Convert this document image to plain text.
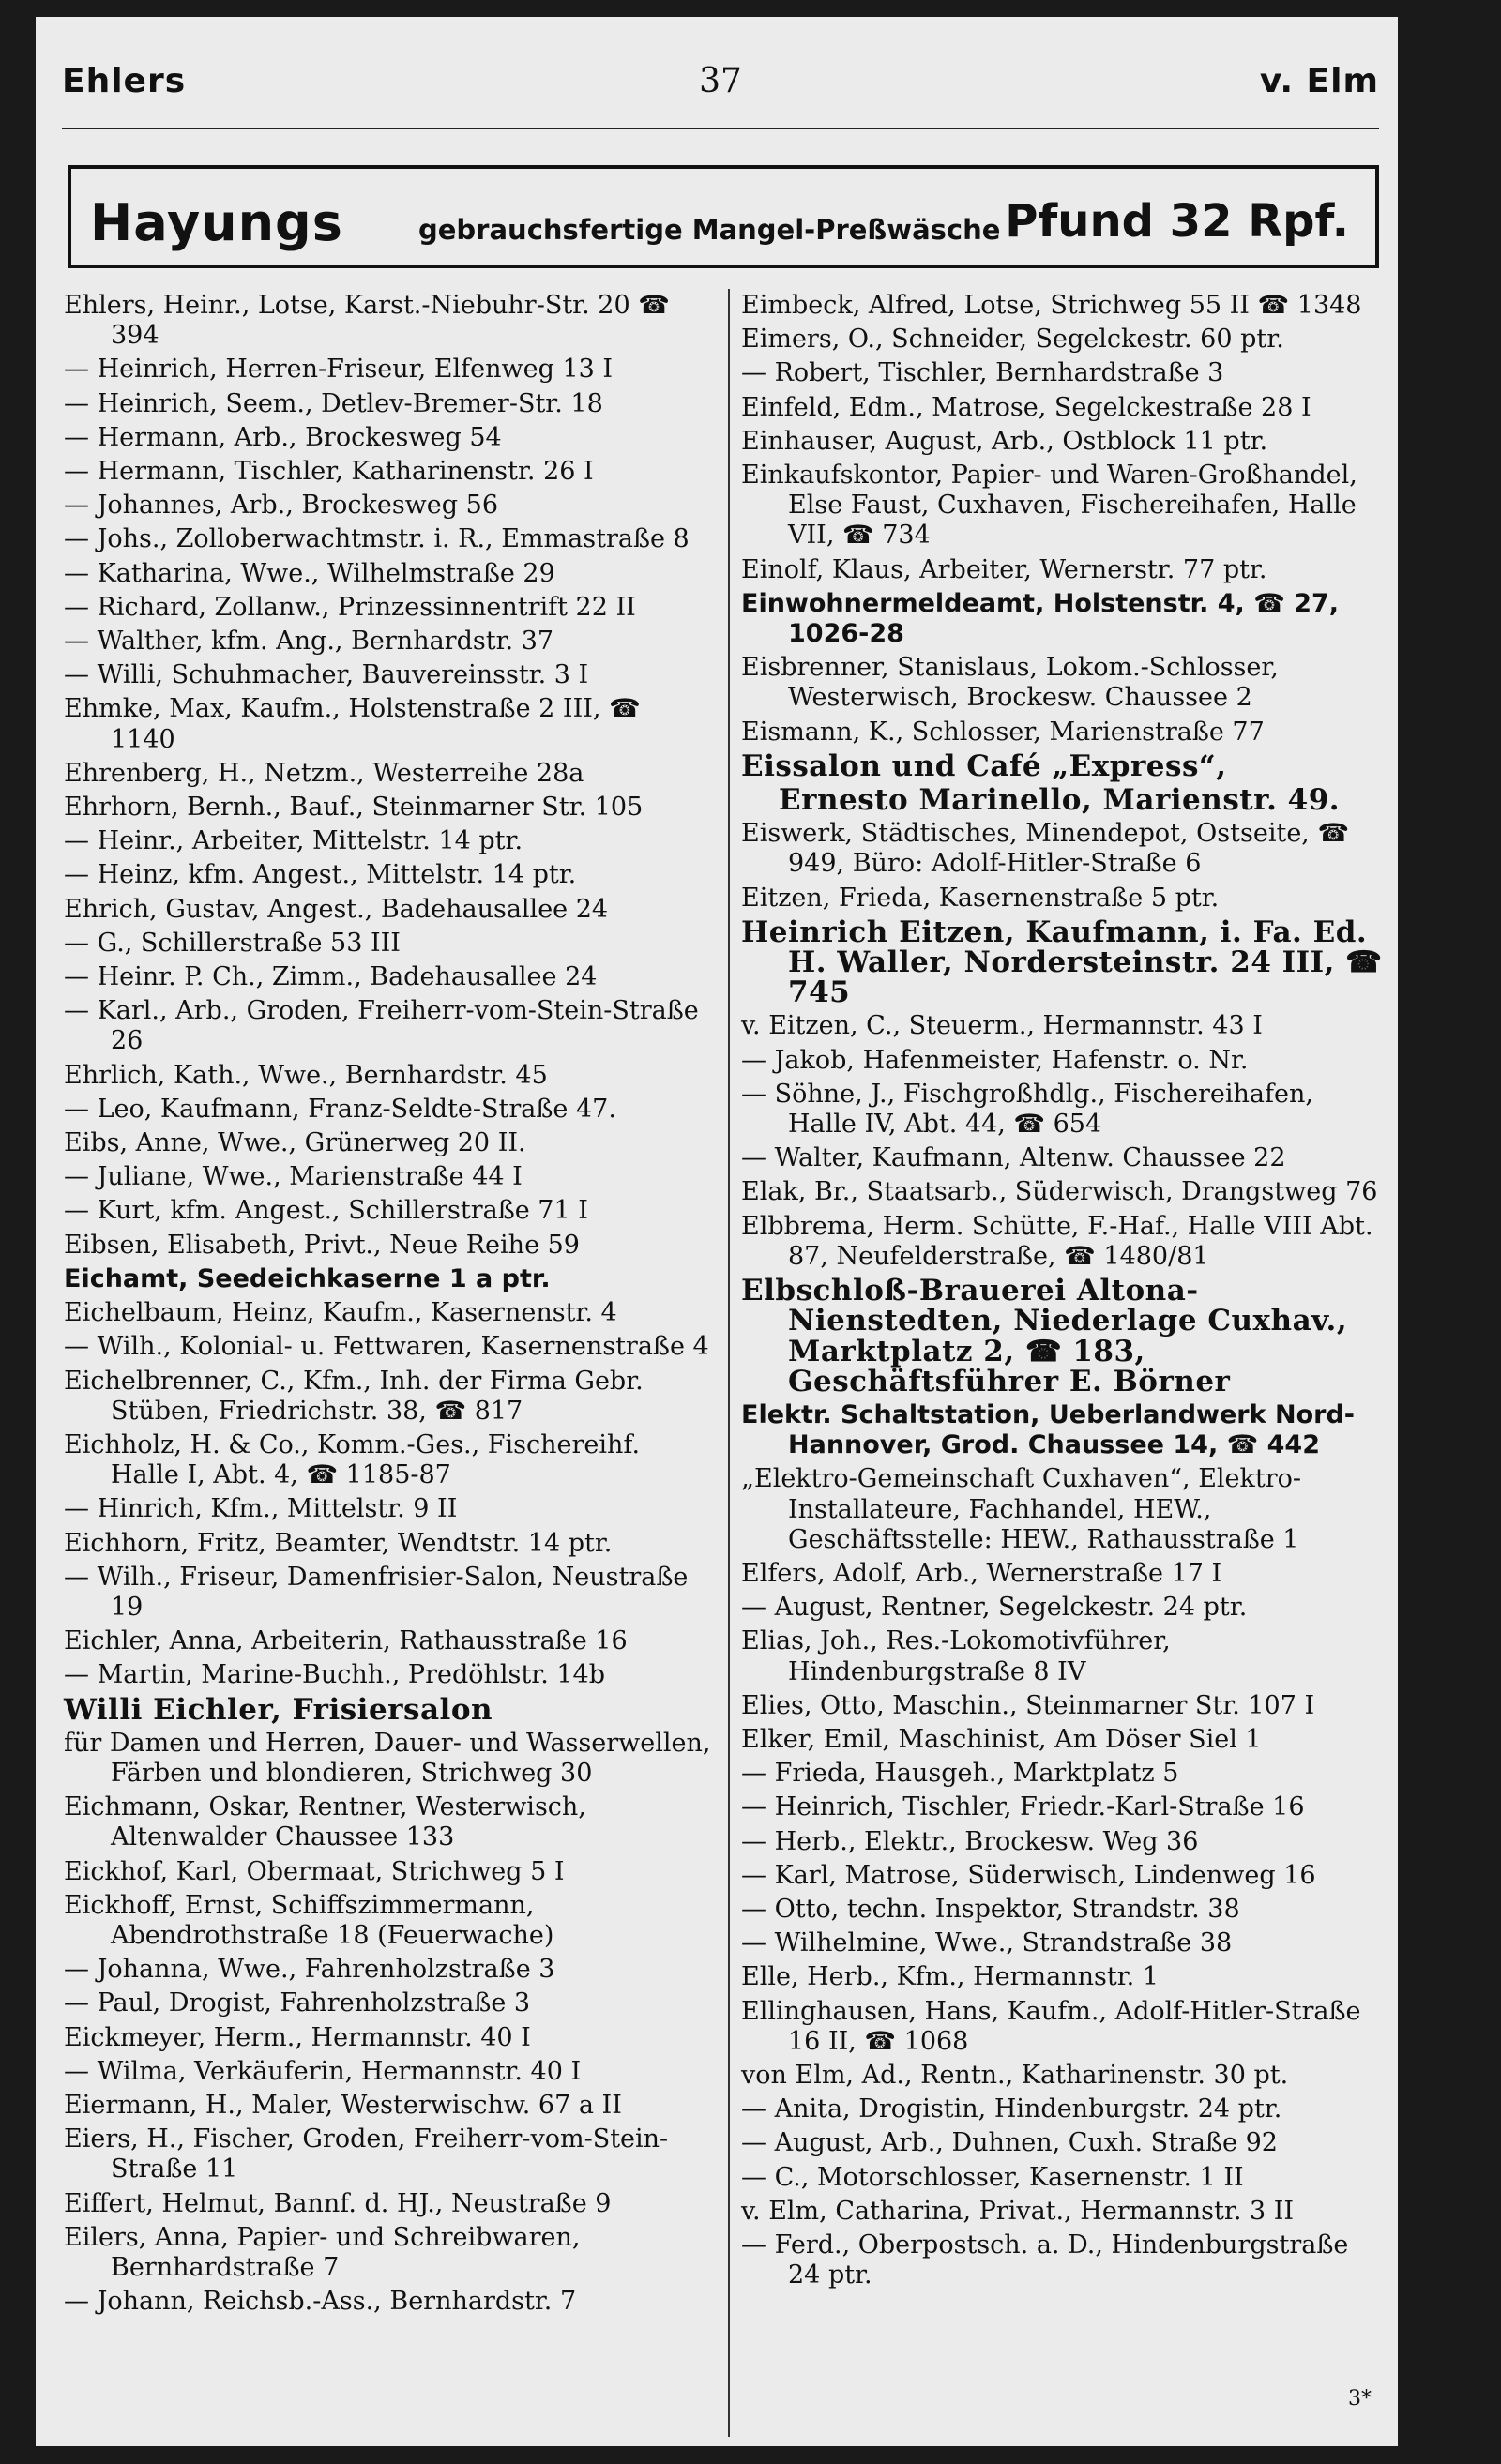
Ehlers	37	v. Elm
Hayungs	gebrauchsfertige Mangel-Preßwäsche Pfund 32 Rpf.
Ehlers, Heinr., Lotse, Karst.-Niebuhr-Str. 20 ☎ 394
— Heinrich, Herren-Friseur, Elfenweg 13 I
— Heinrich, Seem., Detlev-Bremer-Str. 18
— Hermann, Arb., Brockesweg 54
— Hermann, Tischler, Katharinenstr. 26 I
— Johannes, Arb., Brockesweg 56
— Johs., Zolloberwachtmstr. i. R., Emmastraße 8
— Katharina, Wwe., Wilhelmstraße 29
— Richard, Zollanw., Prinzessinnentrift 22 II
— Walther, kfm. Ang., Bernhardstr. 37
— Willi, Schuhmacher, Bauvereinsstr. 3 I
Ehmke, Max, Kaufm., Holstenstraße 2 III, ☎ 1140
Ehrenberg, H., Netzm., Westerreihe 28a
Ehrhorn, Bernh., Bauf., Steinmarner Str. 105
— Heinr., Arbeiter, Mittelstr. 14 ptr.
— Heinz, kfm. Angest., Mittelstr. 14 ptr.
Ehrich, Gustav, Angest., Badehausallee 24
— G., Schillerstraße 53 III
— Heinr. P. Ch., Zimm., Badehausallee 24
— Karl., Arb., Groden, Freiherr-vom-Stein-Straße 26
Ehrlich, Kath., Wwe., Bernhardstr. 45
— Leo, Kaufmann, Franz-Seldte-Straße 47.
Eibs, Anne, Wwe., Grünerweg 20 II.
— Juliane, Wwe., Marienstraße 44 I
— Kurt, kfm. Angest., Schillerstraße 71 I
Eibsen, Elisabeth, Privt., Neue Reihe 59
Eichamt, Seedeichkaserne 1 a ptr.
Eichelbaum, Heinz, Kaufm., Kasernenstr. 4
— Wilh., Kolonial- u. Fettwaren, Kasernenstraße 4
Eichelbrenner, C., Kfm., Inh. der Firma Gebr. Stüben, Friedrichstr. 38, ☎ 817
Eichholz, H. & Co., Komm.-Ges., Fischereihf. Halle I, Abt. 4, ☎ 1185-87
— Hinrich, Kfm., Mittelstr. 9 II
Eichhorn, Fritz, Beamter, Wendtstr. 14 ptr.
— Wilh., Friseur, Damenfrisier-Salon, Neustraße 19
Eichler, Anna, Arbeiterin, Rathausstraße 16
— Martin, Marine-Buchh., Predöhlstr. 14b
Willi Eichler, Frisiersalon
für Damen und Herren, Dauer- und Wasserwellen, Färben und blondieren, Strichweg 30
Eichmann, Oskar, Rentner, Westerwisch, Altenwalder Chaussee 133
Eickhof, Karl, Obermaat, Strichweg 5 I
Eickhoff, Ernst, Schiffszimmermann, Abendrothstraße 18 (Feuerwache)
— Johanna, Wwe., Fahrenholzstraße 3
— Paul, Drogist, Fahrenholzstraße 3
Eickmeyer, Herm., Hermannstr. 40 I
— Wilma, Verkäuferin, Hermannstr. 40 I
Eiermann, H., Maler, Westerwischw. 67 a II
Eiers, H., Fischer, Groden, Freiherr-vom-Stein-Straße 11
Eiffert, Helmut, Bannf. d. HJ., Neustraße 9
Eilers, Anna, Papier- und Schreibwaren, Bernhardstraße 7
— Johann, Reichsb.-Ass., Bernhardstr. 7
Eimbeck, Alfred, Lotse, Strichweg 55 II ☎ 1348
Eimers, O., Schneider, Segelckestr. 60 ptr.
— Robert, Tischler, Bernhardstraße 3
Einfeld, Edm., Matrose, Segelckestraße 28 I
Einhauser, August, Arb., Ostblock 11 ptr.
Einkaufskontor, Papier- und Waren-Großhandel, Else Faust, Cuxhaven, Fischereihafen, Halle VII, ☎ 734
Einolf, Klaus, Arbeiter, Wernerstr. 77 ptr.
Einwohnermeldeamt, Holstenstr. 4, ☎ 27, 1026-28
Eisbrenner, Stanislaus, Lokom.-Schlosser, Westerwisch, Brockesw. Chaussee 2
Eismann, K., Schlosser, Marienstraße 77
Eissalon und Café „Express“,
Ernesto Marinello, Marienstr. 49.
Eiswerk, Städtisches, Minendepot, Ostseite, ☎ 949, Büro: Adolf-Hitler-Straße 6
Eitzen, Frieda, Kasernenstraße 5 ptr.
Heinrich Eitzen, Kaufmann, i. Fa. Ed. H. Waller, Nordersteinstr. 24 III, ☎ 745
v. Eitzen, C., Steuerm., Hermannstr. 43 I
— Jakob, Hafenmeister, Hafenstr. o. Nr.
— Söhne, J., Fischgroßhdlg., Fischereihafen, Halle IV, Abt. 44, ☎ 654
— Walter, Kaufmann, Altenw. Chaussee 22
Elak, Br., Staatsarb., Süderwisch, Drangstweg 76
Elbbrema, Herm. Schütte, F.-Haf., Halle VIII Abt. 87, Neufelderstraße, ☎ 1480/81
Elbschloß-Brauerei Altona-Nienstedten, Niederlage Cuxhav., Marktplatz 2, ☎ 183, Geschäftsführer E. Börner
Elektr. Schaltstation, Ueberlandwerk Nord-Hannover, Grod. Chaussee 14, ☎ 442
„Elektro-Gemeinschaft Cuxhaven“, Elektro-Installateure, Fachhandel, HEW., Geschäftsstelle: HEW., Rathausstraße 1
Elfers, Adolf, Arb., Wernerstraße 17 I
— August, Rentner, Segelckestr. 24 ptr.
Elias, Joh., Res.-Lokomotivführer, Hindenburgstraße 8 IV
Elies, Otto, Maschin., Steinmarner Str. 107 I
Elker, Emil, Maschinist, Am Döser Siel 1
— Frieda, Hausgeh., Marktplatz 5
— Heinrich, Tischler, Friedr.-Karl-Straße 16
— Herb., Elektr., Brockesw. Weg 36
— Karl, Matrose, Süderwisch, Lindenweg 16
— Otto, techn. Inspektor, Strandstr. 38
— Wilhelmine, Wwe., Strandstraße 38
Elle, Herb., Kfm., Hermannstr. 1
Ellinghausen, Hans, Kaufm., Adolf-Hitler-Straße 16 II, ☎ 1068
von Elm, Ad., Rentn., Katharinenstr. 30 pt.
— Anita, Drogistin, Hindenburgstr. 24 ptr.
— August, Arb., Duhnen, Cuxh. Straße 92
— C., Motorschlosser, Kasernenstr. 1 II
v. Elm, Catharina, Privat., Hermannstr. 3 II
— Ferd., Oberpostsch. a. D., Hindenburgstraße 24 ptr.
3*
